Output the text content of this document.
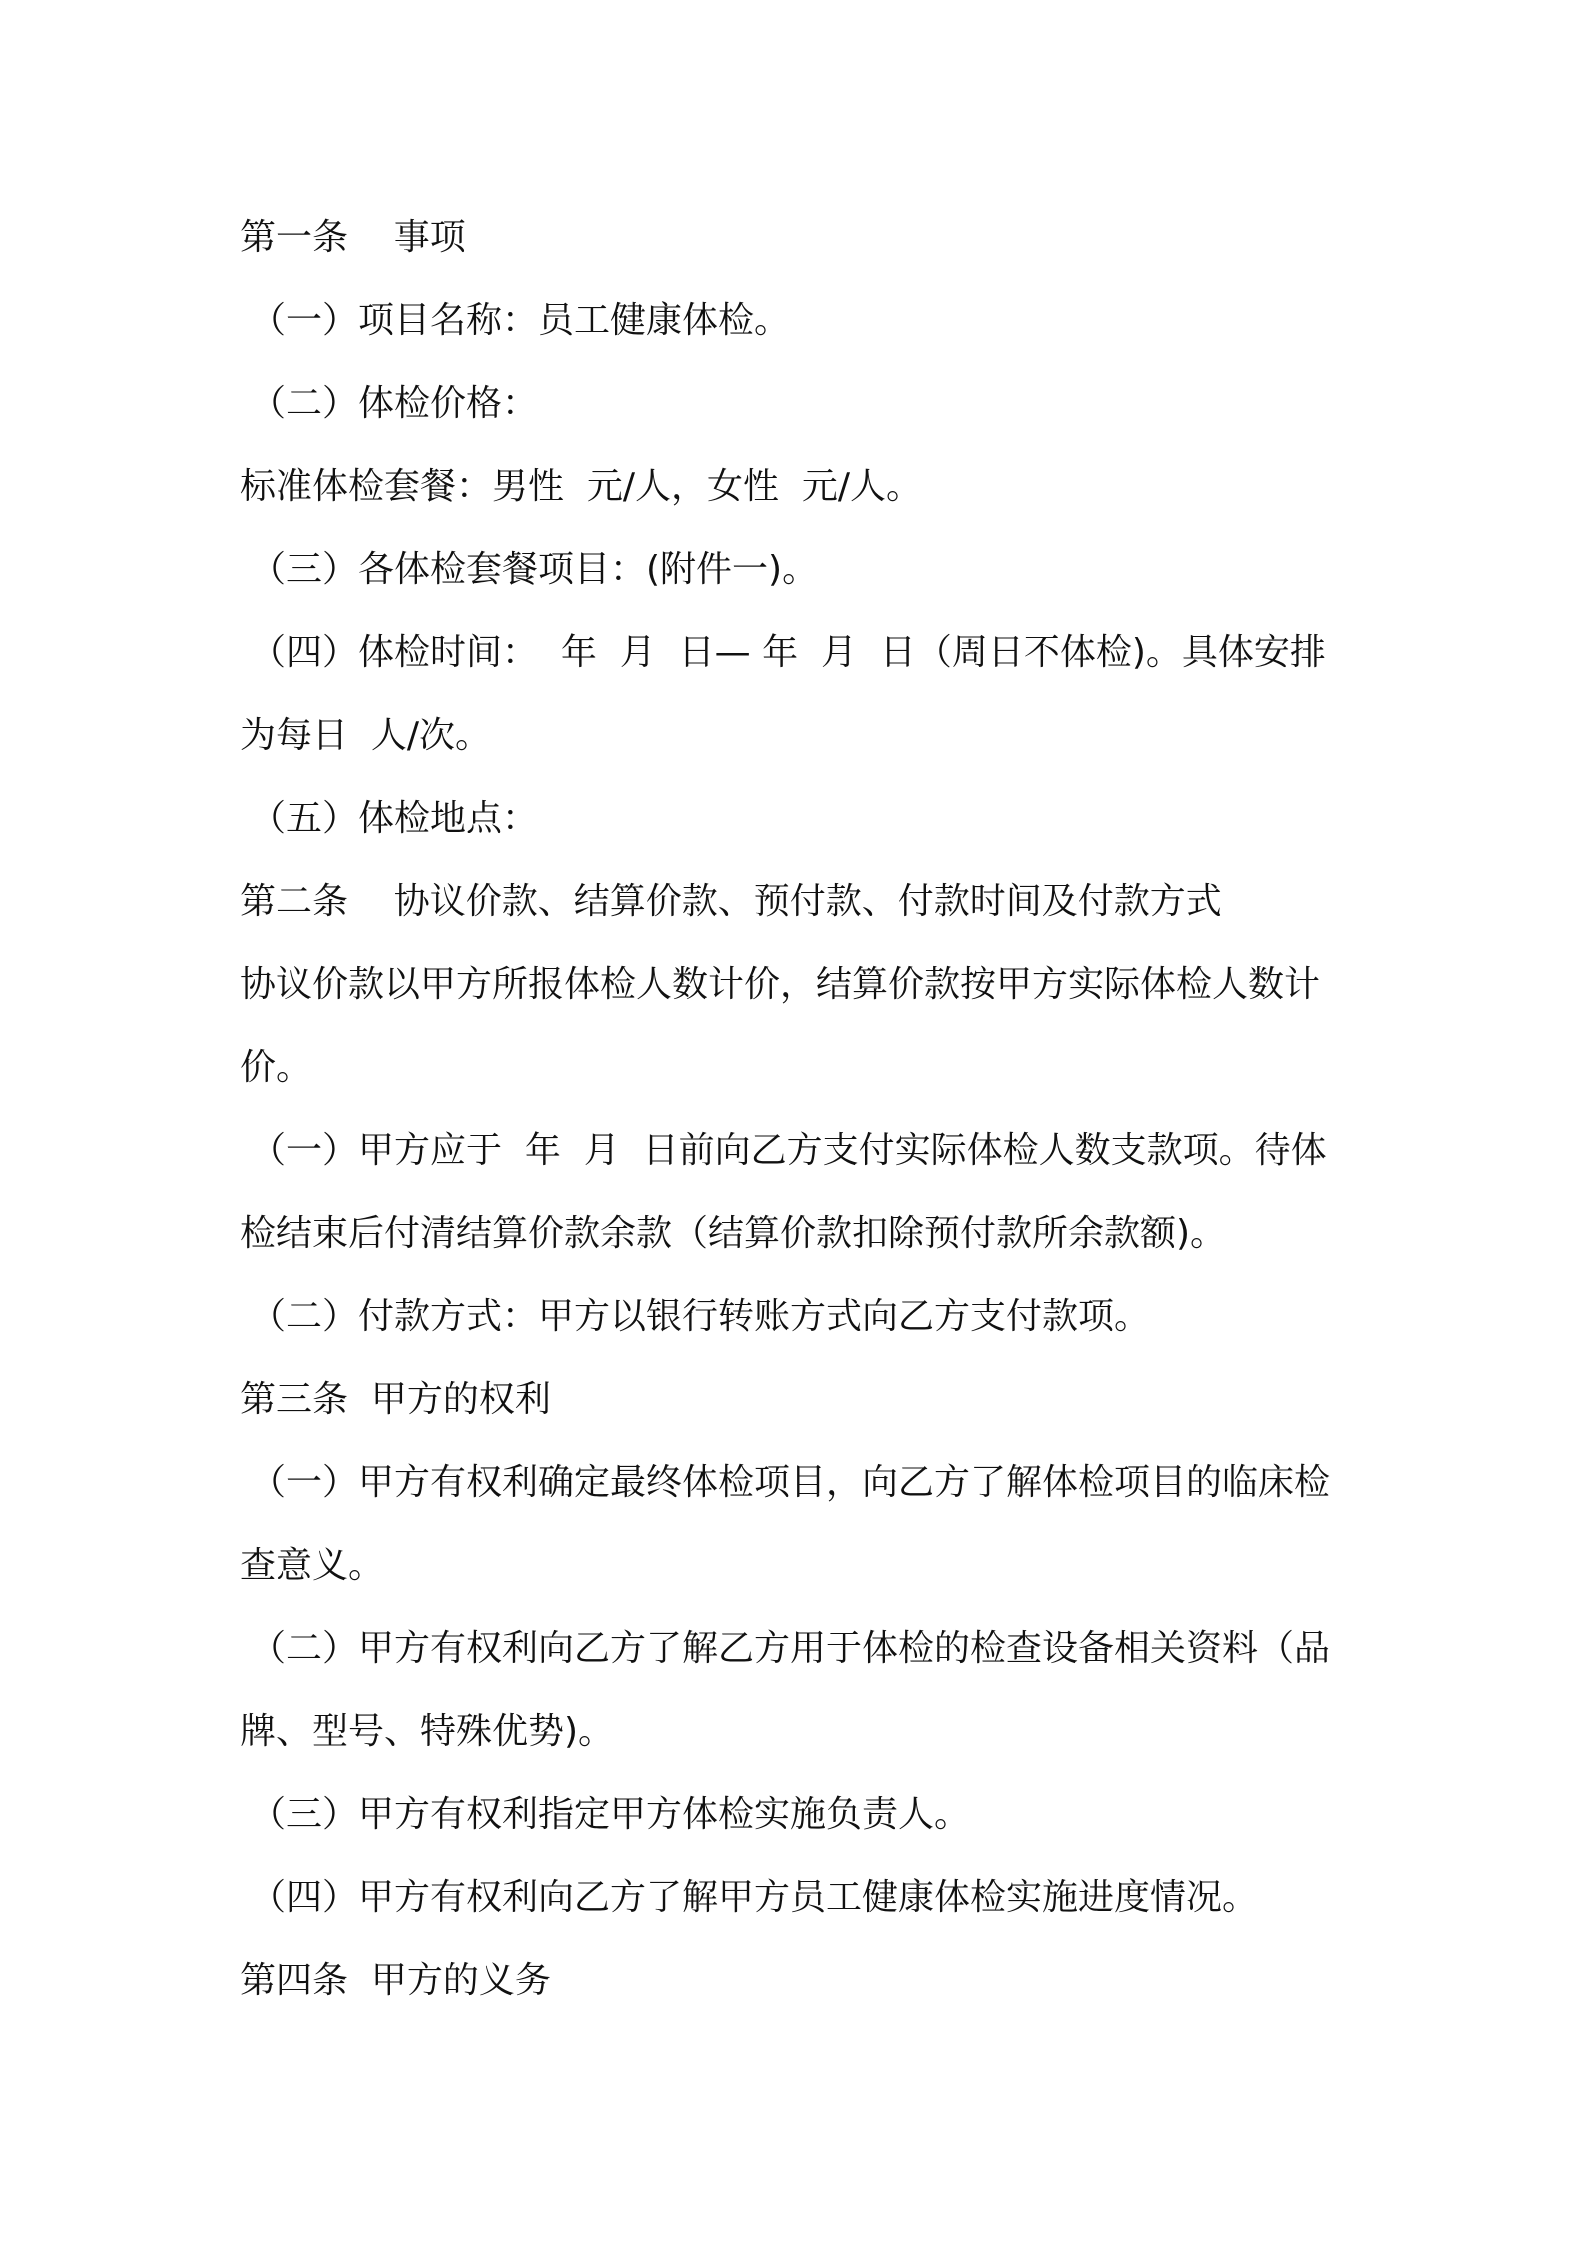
第一条    事项
（一）项目名称：员工健康体检。
（二）体检价格：
标准体检套餐：男性  元/人，女性  元/人。
（三）各体检套餐项目：(附件一)。
（四）体检时间：  年  月  日— 年  月  日（周日不体检)。具体安排
为每日  人/次。
（五）体检地点：
第二条    协议价款、结算价款、预付款、付款时间及付款方式
协议价款以甲方所报体检人数计价，结算价款按甲方实际体检人数计
价。
（一）甲方应于  年  月  日前向乙方支付实际体检人数支款项。待体
检结束后付清结算价款余款（结算价款扣除预付款所余款额)。
（二）付款方式：甲方以银行转账方式向乙方支付款项。
第三条  甲方的权利
（一）甲方有权利确定最终体检项目，向乙方了解体检项目的临床检
查意义。
（二）甲方有权利向乙方了解乙方用于体检的检查设备相关资料（品
牌、型号、特殊优势)。
（三）甲方有权利指定甲方体检实施负责人。
（四）甲方有权利向乙方了解甲方员工健康体检实施进度情况。
第四条  甲方的义务
